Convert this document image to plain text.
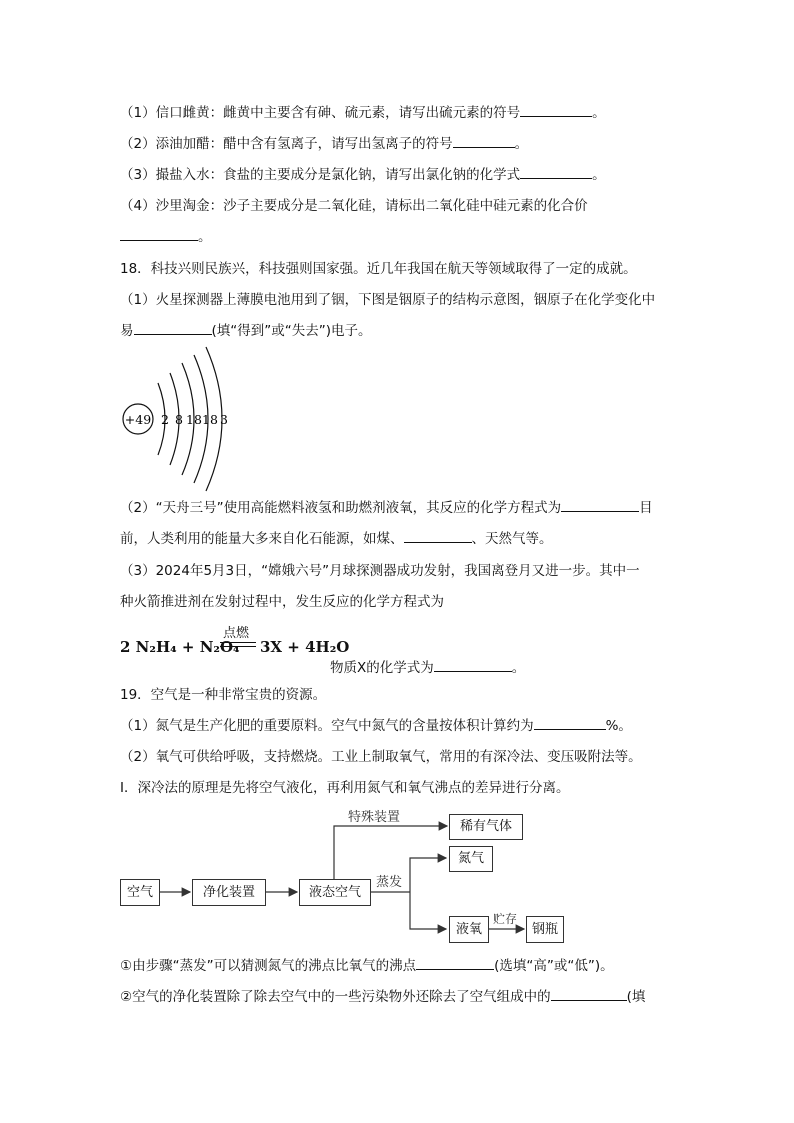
（1）信口雌黄：雌黄中主要含有砷、硫元素，请写出硫元素的符号	。
（2）添油加醋：醋中含有氢离子，请写出氢离子的符号	。
（3）撮盐入水：食盐的主要成分是氯化钠，请写出氯化钠的化学式	。
（4）沙里淘金：沙子主要成分是二氧化硅，请标出二氧化硅中硅元素的化合价
。
18．科技兴则民族兴，科技强则国家强。近几年我国在航天等领域取得了一定的成就。
（1）火星探测器上薄膜电池用到了铟，下图是铟原子的结构示意图，铟原子在化学变化中
易	(填“得到”或“失去”)电子。
+49 2 8 18 18 3
（2）“天舟三号”使用高能燃料液氢和助燃剂液氧，其反应的化学方程式为	目
前，人类利用的能量大多来自化石能源，如煤、	、天然气等。
（3）2024年5月3日，“嫦娥六号”月球探测器成功发射，我国离登月又进一步。其中一
种火箭推进剂在发射过程中，发生反应的化学方程式为
2 N₂H₄ + N₂O₄
点燃
3X + 4H₂O
物质X的化学式为	。
19．空气是一种非常宝贵的资源。
（1）氮气是生产化肥的重要原料。空气中氮气的含量按体积计算约为	%。
（2）氧气可供给呼吸，支持燃烧。工业上制取氧气，常用的有深冷法、变压吸附法等。
I．深冷法的原理是先将空气液化，再利用氮气和氧气沸点的差异进行分离。
空气	净化装置	液态空气
稀有气体
氮气
液氧	钢瓶
特殊装置
蒸发
贮存
①由步骤“蒸发”可以猜测氮气的沸点比氧气的沸点	(选填“高”或“低”)。
②空气的净化装置除了除去空气中的一些污染物外还除去了空气组成中的	(填
